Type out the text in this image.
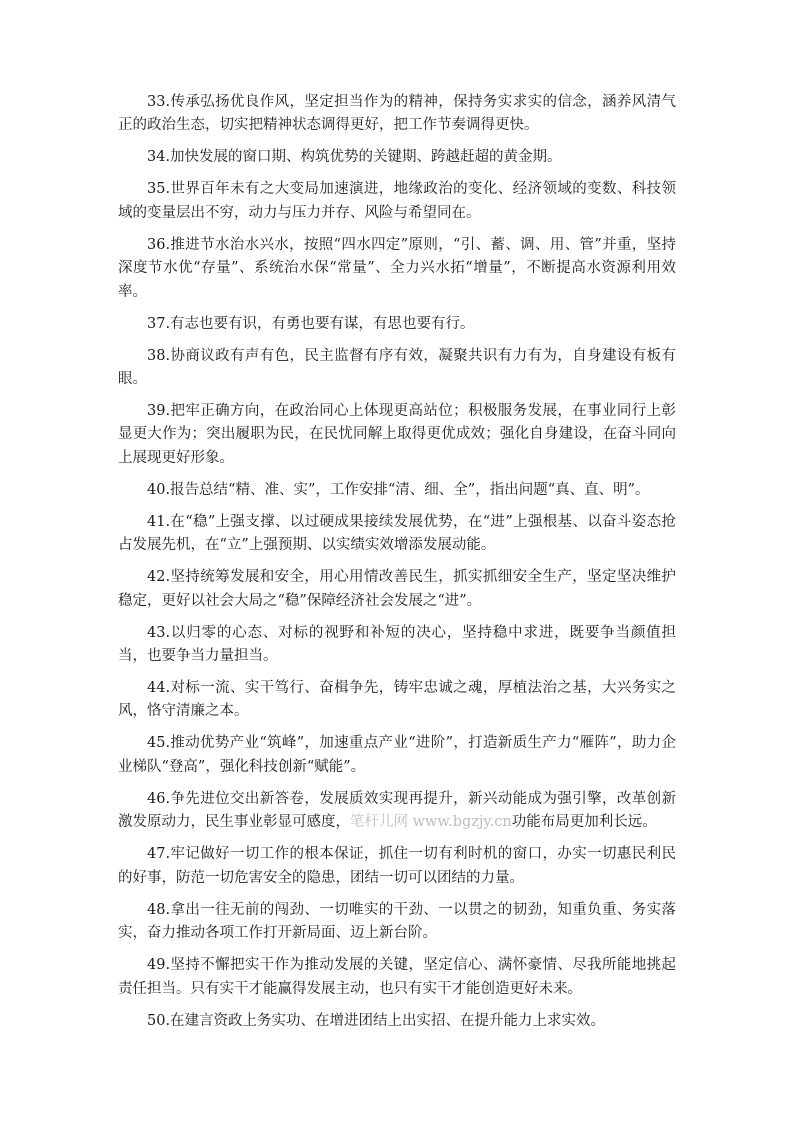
33.传承弘扬优良作风，坚定担当作为的精神，保持务实求实的信念，涵养风清气正的政治生态，切实把精神状态调得更好，把工作节奏调得更快。

34.加快发展的窗口期、构筑优势的关键期、跨越赶超的黄金期。

35.世界百年未有之大变局加速演进，地缘政治的变化、经济领域的变数、科技领域的变量层出不穷，动力与压力并存、风险与希望同在。

36.推进节水治水兴水，按照“四水四定”原则，“引、蓄、调、用、管”并重，坚持深度节水优“存量”、系统治水保“常量”、全力兴水拓“增量”，不断提高水资源利用效率。

37.有志也要有识，有勇也要有谋，有思也要有行。

38.协商议政有声有色，民主监督有序有效，凝聚共识有力有为，自身建设有板有眼。

39.把牢正确方向，在政治同心上体现更高站位；积极服务发展，在事业同行上彰显更大作为；突出履职为民，在民忧同解上取得更优成效；强化自身建设，在奋斗同向上展现更好形象。

40.报告总结“精、准、实”，工作安排“清、细、全”，指出问题“真、直、明”。

41.在“稳”上强支撑、以过硬成果接续发展优势，在“进”上强根基、以奋斗姿态抢占发展先机，在“立”上强预期、以实绩实效增添发展动能。

42.坚持统筹发展和安全，用心用情改善民生，抓实抓细安全生产，坚定坚决维护稳定，更好以社会大局之“稳”保障经济社会发展之“进”。

43.以归零的心态、对标的视野和补短的决心，坚持稳中求进，既要争当颜值担当，也要争当力量担当。

44.对标一流、实干笃行、奋楫争先，铸牢忠诚之魂，厚植法治之基，大兴务实之风，恪守清廉之本。

45.推动优势产业“筑峰”，加速重点产业“进阶”，打造新质生产力“雁阵”，助力企业梯队“登高”，强化科技创新“赋能”。

46.争先进位交出新答卷，发展质效实现再提升，新兴动能成为强引擎，改革创新激发原动力，民生事业彰显可感度，笔杆儿网 www.bgzjy.cn功能布局更加利长远。

47.牢记做好一切工作的根本保证，抓住一切有利时机的窗口，办实一切惠民利民的好事，防范一切危害安全的隐患，团结一切可以团结的力量。

48.拿出一往无前的闯劲、一切唯实的干劲、一以贯之的韧劲，知重负重、务实落实，奋力推动各项工作打开新局面、迈上新台阶。

49.坚持不懈把实干作为推动发展的关键，坚定信心、满怀豪情、尽我所能地挑起责任担当。只有实干才能赢得发展主动，也只有实干才能创造更好未来。

50.在建言资政上务实功、在增进团结上出实招、在提升能力上求实效。
